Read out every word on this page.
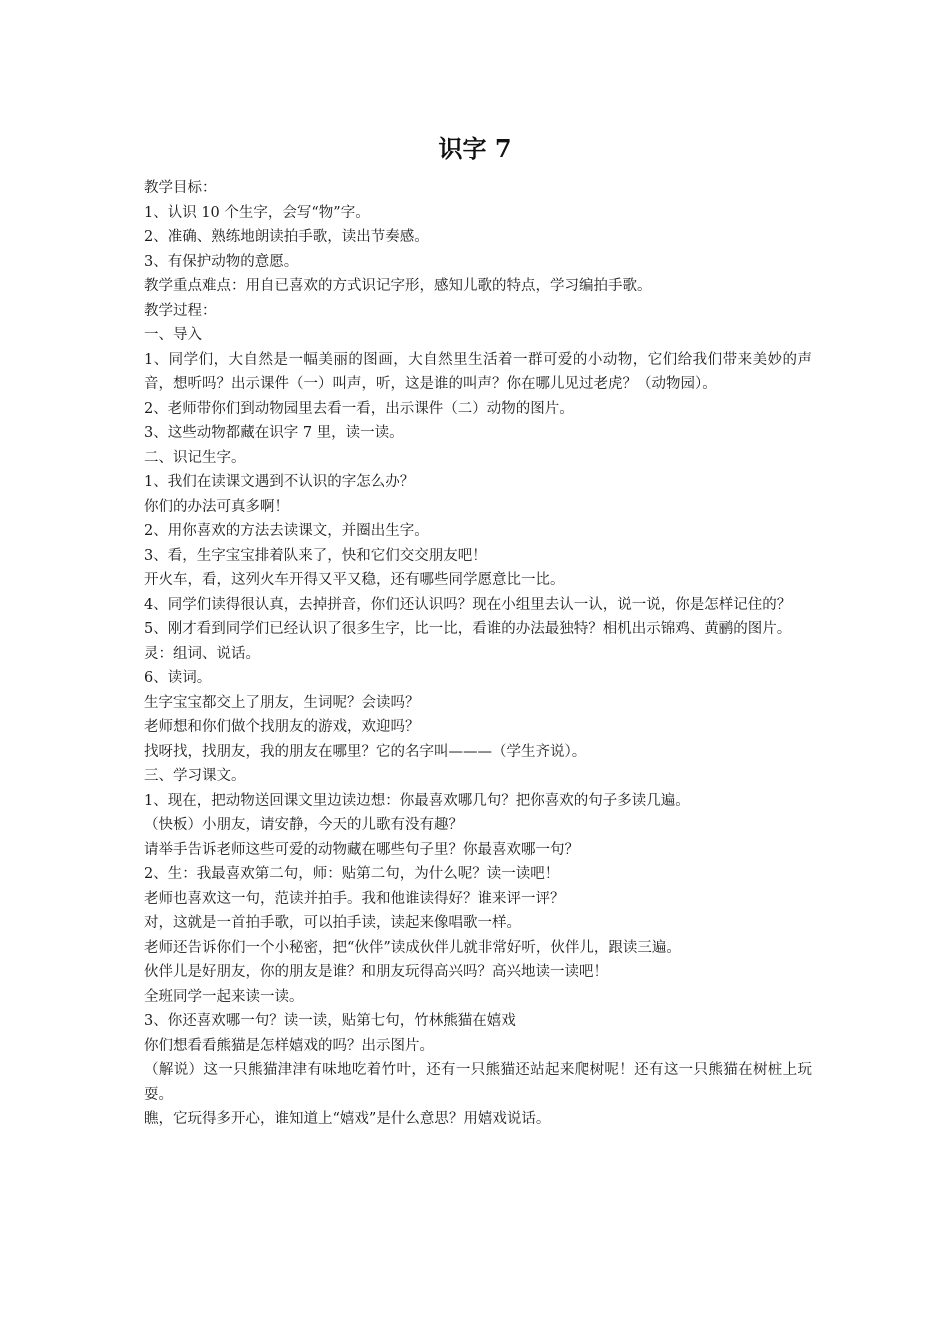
识字 7

教学目标：

1、认识 10 个生字，会写“物”字。

2、准确、熟练地朗读拍手歌，读出节奏感。

3、有保护动物的意愿。

教学重点难点：用自已喜欢的方式识记字形，感知儿歌的特点，学习编拍手歌。

教学过程：

一、导入

1、同学们，大自然是一幅美丽的图画，大自然里生活着一群可爱的小动物，它们给我们带来美妙的声音，想听吗？出示课件（一）叫声，听，这是谁的叫声？你在哪儿见过老虎？（动物园）。

2、老师带你们到动物园里去看一看，出示课件（二）动物的图片。

3、这些动物都藏在识字 7 里，读一读。

二、识记生字。

1、我们在读课文遇到不认识的字怎么办？

你们的办法可真多啊！

2、用你喜欢的方法去读课文，并圈出生字。

3、看，生字宝宝排着队来了，快和它们交交朋友吧！

开火车，看，这列火车开得又平又稳，还有哪些同学愿意比一比。

4、同学们读得很认真，去掉拼音，你们还认识吗？现在小组里去认一认，说一说，你是怎样记住的？

5、刚才看到同学们已经认识了很多生字，比一比，看谁的办法最独特？相机出示锦鸡、黄鹂的图片。

灵：组词、说话。

6、读词。

生字宝宝都交上了朋友，生词呢？会读吗？

老师想和你们做个找朋友的游戏，欢迎吗？

找呀找，找朋友，我的朋友在哪里？它的名字叫———（学生齐说）。

三、学习课文。

1、现在，把动物送回课文里边读边想：你最喜欢哪几句？把你喜欢的句子多读几遍。

（快板）小朋友，请安静，今天的儿歌有没有趣？

请举手告诉老师这些可爱的动物藏在哪些句子里？你最喜欢哪一句？

2、生：我最喜欢第二句，师：贴第二句，为什么呢？读一读吧！

老师也喜欢这一句，范读并拍手。我和他谁读得好？谁来评一评？

对，这就是一首拍手歌，可以拍手读，读起来像唱歌一样。

老师还告诉你们一个小秘密，把“伙伴”读成伙伴儿就非常好听，伙伴儿，跟读三遍。

伙伴儿是好朋友，你的朋友是谁？和朋友玩得高兴吗？高兴地读一读吧！

全班同学一起来读一读。

3、你还喜欢哪一句？读一读，贴第七句，竹林熊猫在嬉戏

你们想看看熊猫是怎样嬉戏的吗？出示图片。

（解说）这一只熊猫津津有味地吃着竹叶，还有一只熊猫还站起来爬树呢！还有这一只熊猫在树桩上玩耍。

瞧，它玩得多开心，谁知道上“嬉戏”是什么意思？用嬉戏说话。
